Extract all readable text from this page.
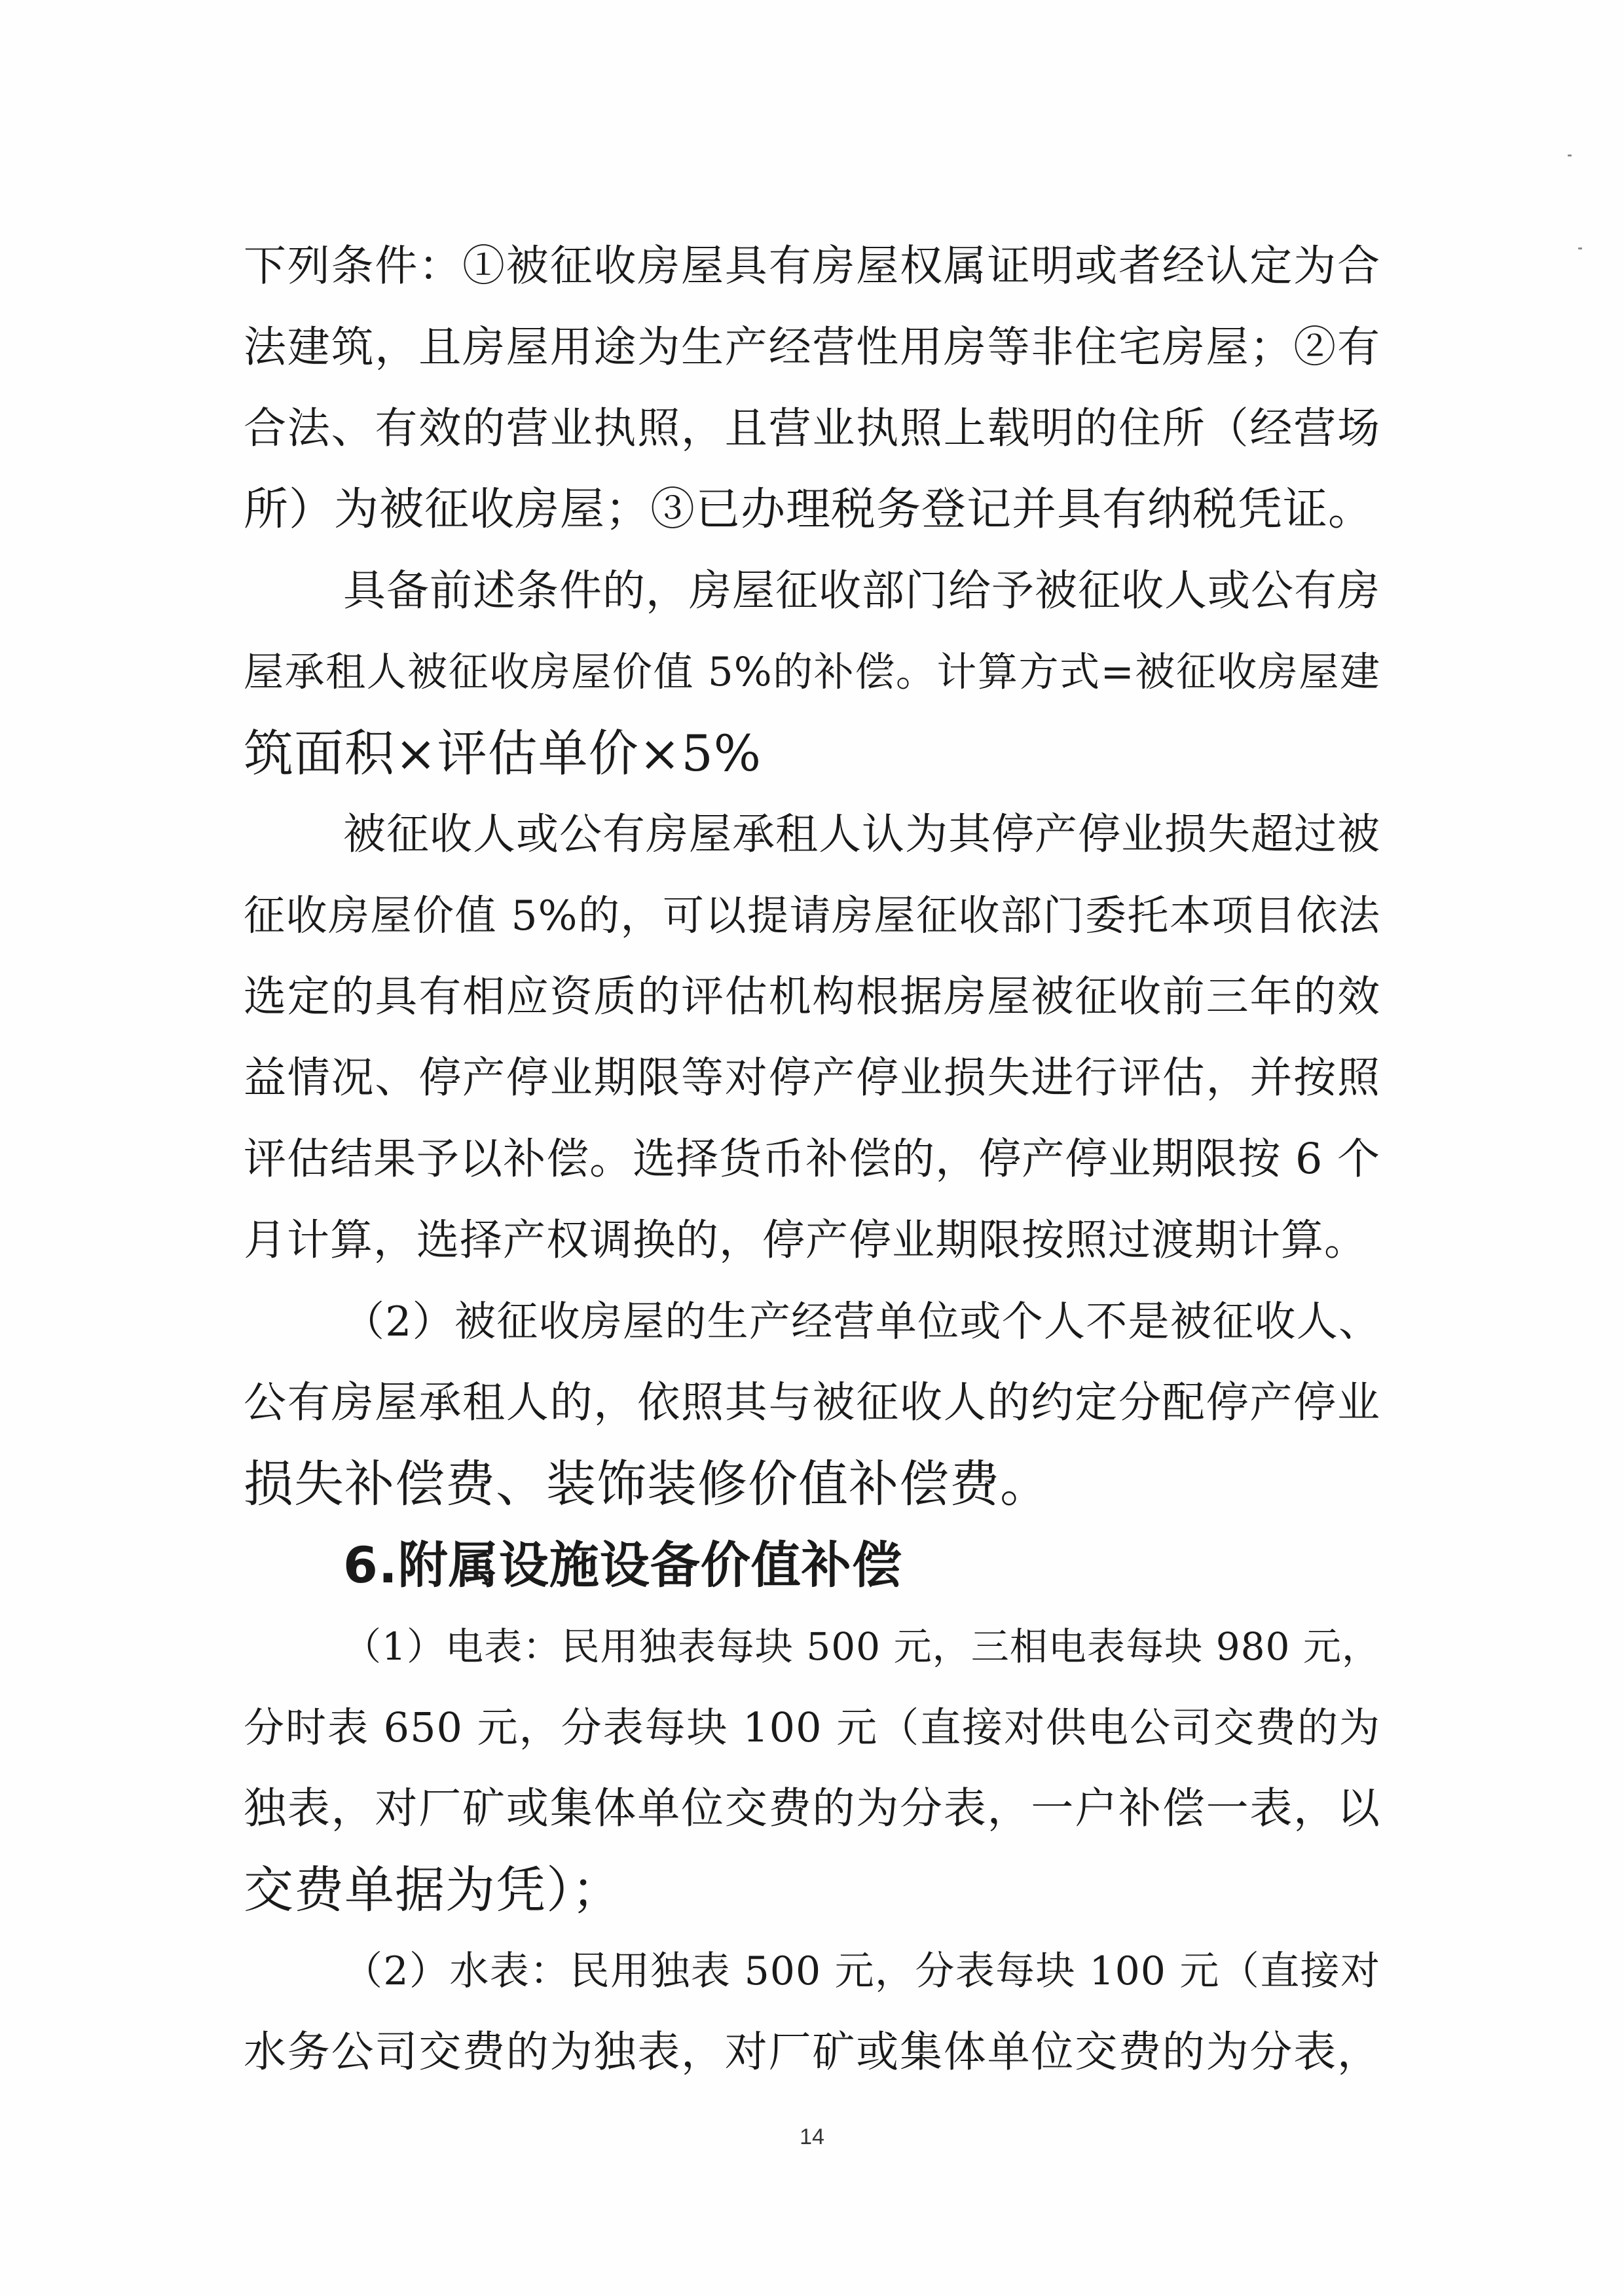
下列条件：①被征收房屋具有房屋权属证明或者经认定为合
法建筑，且房屋用途为生产经营性用房等非住宅房屋；②有
合法、有效的营业执照，且营业执照上载明的住所（经营场
所）为被征收房屋；③已办理税务登记并具有纳税凭证。
具备前述条件的，房屋征收部门给予被征收人或公有房
屋承租人被征收房屋价值 5%的补偿。计算方式=被征收房屋建
筑面积×评估单价×5%
被征收人或公有房屋承租人认为其停产停业损失超过被
征收房屋价值 5%的，可以提请房屋征收部门委托本项目依法
选定的具有相应资质的评估机构根据房屋被征收前三年的效
益情况、停产停业期限等对停产停业损失进行评估，并按照
评估结果予以补偿。选择货币补偿的，停产停业期限按 6 个
月计算，选择产权调换的，停产停业期限按照过渡期计算。
（2）被征收房屋的生产经营单位或个人不是被征收人、
公有房屋承租人的，依照其与被征收人的约定分配停产停业
损失补偿费、装饰装修价值补偿费。
6.附属设施设备价值补偿
（1）电表：民用独表每块 500 元，三相电表每块 980 元，
分时表 650 元，分表每块 100 元（直接对供电公司交费的为
独表，对厂矿或集体单位交费的为分表，一户补偿一表，以
交费单据为凭）；
（2）水表：民用独表 500 元，分表每块 100 元（直接对
水务公司交费的为独表，对厂矿或集体单位交费的为分表，
14
